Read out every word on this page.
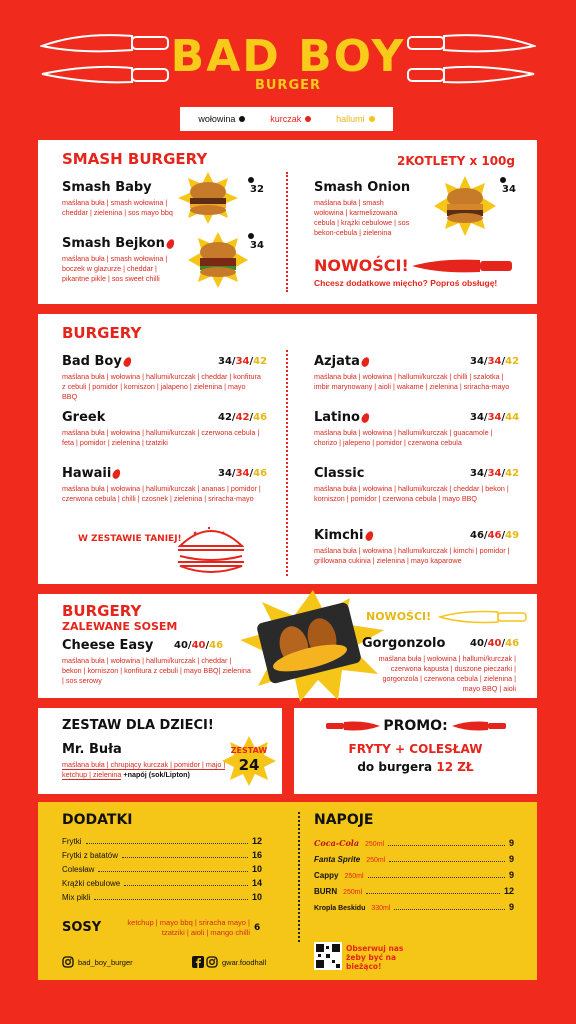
BAD BOY
BURGER
wołowina	kurczak	hallumi
SMASH BURGERY	2KOTLETY x 100g
Smash Baby
maślana buła | smash wołowina | cheddar | zielenina | sos mayo bbq
32
Smash Bejkon
maślana buła | smash wołowina | boczek w glazurze | cheddar | pikantne pikle | sos sweet chilli
34
Smash Onion
maślana buła | smash wołowina | karmelizowana cebula | krążki cebulowe | sos bekon-cebula | zielenina
34
NOWOŚCI!
Chcesz dodatkowe mięcho? Poproś obsługę!
BURGERY
Bad Boy	34/34/42
maślana buła | wołowina | hallumi/kurczak | cheddar | konfitura z cebuli | pomidor | korniszon | jalapeno | zielenina | mayo BBQ
Greek	42/42/46
maślana buła | wołowina | hallumi/kurczak | czerwona cebula | feta | pomidor | zielenina | tzatziki
Hawaii	34/34/46
maślana buła | wołowina | hallumi/kurczak | ananas | pomidor | czerwona cebula | chilli | czosnek | zielenina | sriracha-mayo
W ZESTAWIE TANIEJ!
Azjata	34/34/42
maślana buła | wołowina | hallumi/kurczak | chilli | szalotka | imbir marynowany | aioli | wakame | zielenina | sriracha-mayo
Latino	34/34/44
maślana buła | wołowina | hallumi/kurczak | guacamole | chorizo | jalepeno | pomidor | czerwona cebula
Classic	34/34/42
maślana buła | wołowina | hallumi/kurczak | cheddar | bekon | korniszon | pomidor | czerwona cebula | mayo BBQ
Kimchi	46/46/49
maślana buła | wołowina | hallumi/kurczak | kimchi | pomidor | grillowana cukinia | zielenina | mayo kaparowe
BURGERY
ZALEWANE SOSEM
Cheese Easy 40/40/46
maślana buła | wołowina | hallumi/kurczak | cheddar | bekon | korniszon | konfitura z cebuli | mayo BBQ| zielenina | sos serowy
NOWOŚCI!
Gorgonzolo 40/40/46
maślana buła | wołowina | hallumi/kurczak | czerwona kapusta | duszone pieczarki | gorgonzola | czerwona cebula | zielenina | mayo BBQ | aioli
ZESTAW DLA DZIECI!
Mr. Buła
maślana buła | chrupiący kurczak | pomidor | majo | ketchup | zielenina +napój (sok/Lipton)
ZESTAW
24
PROMO:
FRYTY + COLESŁAW
do burgera 12 ZŁ
DODATKI
Frytki	12
Frytki z batatów	16
Colesław	10
Krążki cebulowe	14
Mix pikli	10
SOSY	ketchup | mayo bbq | sriracha mayo | tzatziki | aioli | mango chilli 6
NAPOJE
Coca-Cola 250ml	9
Fanta Sprite 250ml	9
Cappy 250ml	9
BURN 250ml	12
Kropla Beskidu 330ml	9
bad_boy_burger	gwar.foodhall
Obserwuj nas żeby być na bieżąco!
